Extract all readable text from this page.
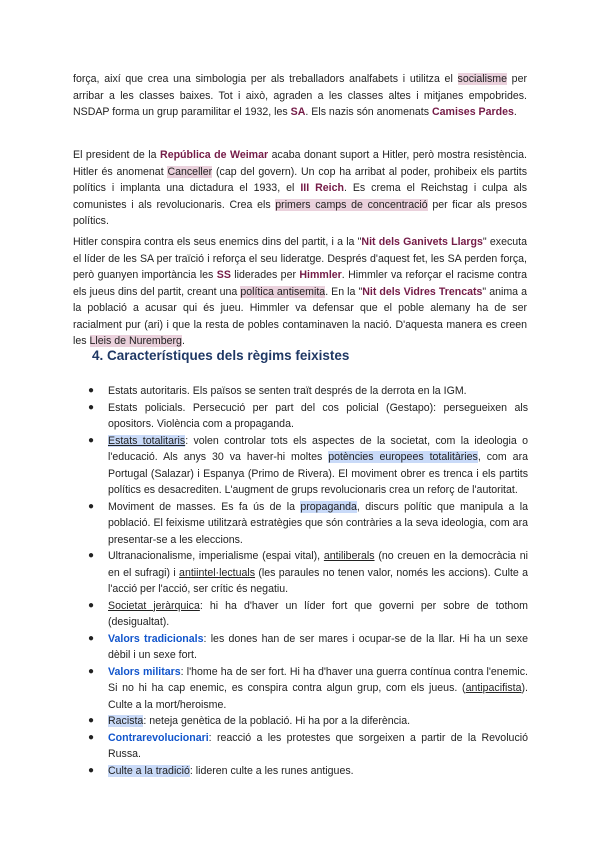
força, així que crea una simbologia per als treballadors analfabets i utilitza el socialisme per arribar a les classes baixes. Tot i això, agraden a les classes altes i mitjanes empobrides. NSDAP forma un grup paramilitar el 1932, les SA. Els nazis són anomenats Camises Pardes.

El president de la República de Weimar acaba donant suport a Hitler, però mostra resistència. Hitler és anomenat Canceller (cap del govern). Un cop ha arribat al poder, prohibeix els partits polítics i implanta una dictadura el 1933, el III Reich. Es crema el Reichstag i culpa als comunistes i als revolucionaris. Crea els primers camps de concentració per ficar als presos polítics.

Hitler conspira contra els seus enemics dins del partit, i a la "Nit dels Ganivets Llargs" executa el líder de les SA per traïció i reforça el seu lideratge. Després d'aquest fet, les SA perden força, però guanyen importància les SS liderades per Himmler. Himmler va reforçar el racisme contra els jueus dins del partit, creant una política antisemita. En la "Nit dels Vidres Trencats" anima a la població a acusar qui és jueu. Himmler va defensar que el poble alemany ha de ser racialment pur (ari) i que la resta de pobles contaminaven la nació. D'aquesta manera es creen les Lleis de Nuremberg.

4. Característiques dels règims feixistes
● Estats autoritaris. Els països se senten traït després de la derrota en la IGM.
● Estats policials. Persecució per part del cos policial (Gestapo): persegueixen als opositors. Violència com a propaganda.
● Estats totalitaris: volen controlar tots els aspectes de la societat, com la ideologia o l'educació. Als anys 30 va haver-hi moltes potències europees totalitàries, com ara Portugal (Salazar) i Espanya (Primo de Rivera). El moviment obrer es trenca i els partits polítics es desacrediten. L'augment de grups revolucionaris crea un reforç de l'autoritat.
● Moviment de masses. Es fa ús de la propaganda, discurs polític que manipula a la població. El feixisme utilitzarà estratègies que són contràries a la seva ideologia, com ara presentar-se a les eleccions.
● Ultranacionalisme, imperialisme (espai vital), antiliberals (no creuen en la democràcia ni en el sufragi) i antiintel·lectuals (les paraules no tenen valor, només les accions). Culte a l'acció per l'acció, ser crític és negatiu.
● Societat jeràrquica: hi ha d'haver un líder fort que governi per sobre de tothom (desigualtat).
● Valors tradicionals: les dones han de ser mares i ocupar-se de la llar. Hi ha un sexe dèbil i un sexe fort.
● Valors militars: l'home ha de ser fort. Hi ha d'haver una guerra contínua contra l'enemic. Si no hi ha cap enemic, es conspira contra algun grup, com els jueus. (antipacifista). Culte a la mort/heroisme.
● Racista: neteja genètica de la població. Hi ha por a la diferència.
● Contrarevolucionari: reacció a les protestes que sorgeixen a partir de la Revolució Russa.
● Culte a la tradició: lideren culte a les runes antigues.
